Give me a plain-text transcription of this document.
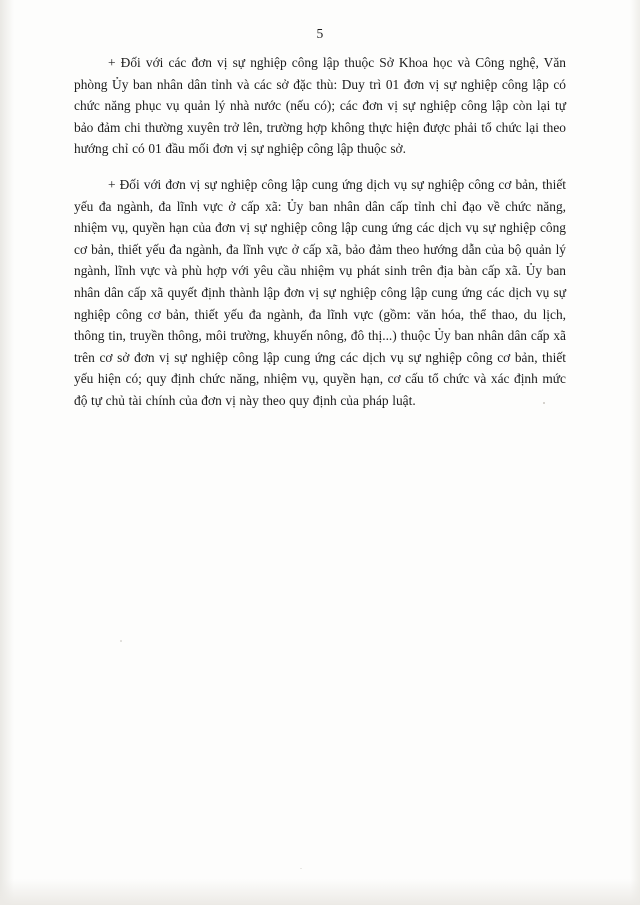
5

+ Đối với các đơn vị sự nghiệp công lập thuộc Sở Khoa học và Công nghệ, Văn phòng Ủy ban nhân dân tỉnh và các sở đặc thù: Duy trì 01 đơn vị sự nghiệp công lập có chức năng phục vụ quản lý nhà nước (nếu có); các đơn vị sự nghiệp công lập còn lại tự bảo đảm chi thường xuyên trở lên, trường hợp không thực hiện được phải tổ chức lại theo hướng chỉ có 01 đầu mối đơn vị sự nghiệp công lập thuộc sở.

+ Đối với đơn vị sự nghiệp công lập cung ứng dịch vụ sự nghiệp công cơ bản, thiết yếu đa ngành, đa lĩnh vực ở cấp xã: Ủy ban nhân dân cấp tỉnh chỉ đạo về chức năng, nhiệm vụ, quyền hạn của đơn vị sự nghiệp công lập cung ứng các dịch vụ sự nghiệp công cơ bản, thiết yếu đa ngành, đa lĩnh vực ở cấp xã, bảo đảm theo hướng dẫn của bộ quản lý ngành, lĩnh vực và phù hợp với yêu cầu nhiệm vụ phát sinh trên địa bàn cấp xã. Ủy ban nhân dân cấp xã quyết định thành lập đơn vị sự nghiệp công lập cung ứng các dịch vụ sự nghiệp công cơ bản, thiết yếu đa ngành, đa lĩnh vực (gồm: văn hóa, thể thao, du lịch, thông tin, truyền thông, môi trường, khuyến nông, đô thị...) thuộc Ủy ban nhân dân cấp xã trên cơ sở đơn vị sự nghiệp công lập cung ứng các dịch vụ sự nghiệp công cơ bản, thiết yếu hiện có; quy định chức năng, nhiệm vụ, quyền hạn, cơ cấu tổ chức và xác định mức độ tự chủ tài chính của đơn vị này theo quy định của pháp luật.
